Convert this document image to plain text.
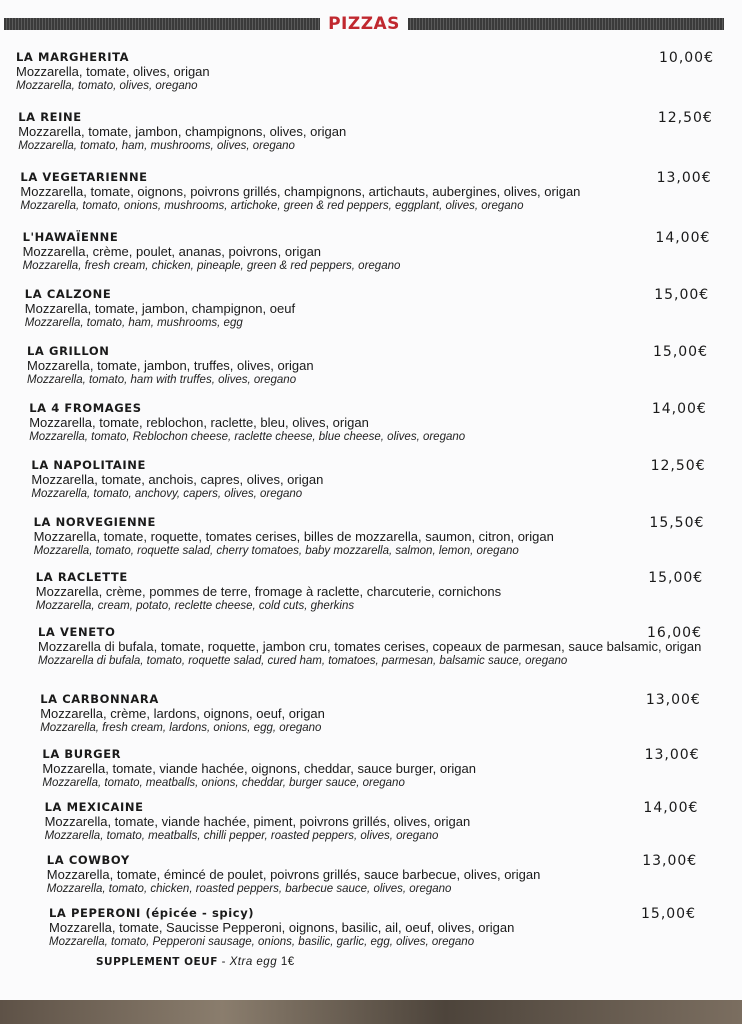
PIZZAS
LA MARGHERITA
Mozzarella, tomate, olives, origan
Mozzarella, tomato, olives, oregano
10,00€
LA REINE
Mozzarella, tomate, jambon, champignons, olives, origan
Mozzarella, tomato, ham, mushrooms, olives, oregano
12,50€
LA VEGETARIENNE
Mozzarella, tomate, oignons, poivrons grillés, champignons, artichauts, aubergines, olives, origan
Mozzarella, tomato, onions, mushrooms, artichoke, green & red peppers, eggplant, olives, oregano
13,00€
L'HAWAÏENNE
Mozzarella, crème, poulet, ananas, poivrons, origan
Mozzarella, fresh cream, chicken, pineaple, green & red peppers, oregano
14,00€
LA CALZONE
Mozzarella, tomate, jambon, champignon, oeuf
Mozzarella, tomato, ham, mushrooms, egg
15,00€
LA GRILLON
Mozzarella, tomate, jambon, truffes, olives, origan
Mozzarella, tomato, ham with truffes, olives, oregano
15,00€
LA 4 FROMAGES
Mozzarella, tomate, reblochon, raclette, bleu, olives, origan
Mozzarella, tomato, Reblochon cheese, raclette cheese, blue cheese, olives, oregano
14,00€
LA NAPOLITAINE
Mozzarella, tomate, anchois, capres, olives, origan
Mozzarella, tomato, anchovy, capers, olives, oregano
12,50€
LA NORVEGIENNE
Mozzarella, tomate, roquette, tomates cerises, billes de mozzarella, saumon, citron, origan
Mozzarella, tomato, roquette salad, cherry tomatoes, baby mozzarella, salmon, lemon, oregano
15,50€
LA RACLETTE
Mozzarella, crème, pommes de terre, fromage à raclette, charcuterie, cornichons
Mozzarella, cream, potato, reclette cheese, cold cuts, gherkins
15,00€
LA VENETO
Mozzarella di bufala, tomate, roquette, jambon cru, tomates cerises, copeaux de parmesan, sauce balsamic, origan
Mozzarella di bufala, tomato, roquette salad, cured ham, tomatoes, parmesan, balsamic sauce, oregano
16,00€
LA CARBONNARA
Mozzarella, crème, lardons, oignons, oeuf, origan
Mozzarella, fresh cream, lardons, onions, egg, oregano
13,00€
LA BURGER
Mozzarella, tomate, viande hachée, oignons, cheddar, sauce burger, origan
Mozzarella, tomato, meatballs, onions, cheddar, burger sauce, oregano
13,00€
LA MEXICAINE
Mozzarella, tomate, viande hachée, piment, poivrons grillés, olives, origan
Mozzarella, tomato, meatballs, chilli pepper, roasted peppers, olives, oregano
14,00€
LA COWBOY
Mozzarella, tomate, émincé de poulet, poivrons grillés, sauce barbecue, olives, origan
Mozzarella, tomato, chicken, roasted peppers, barbecue sauce, olives, oregano
13,00€
LA PEPERONI (épicée - spicy)
Mozzarella, tomate, Saucisse Pepperoni, oignons, basilic, ail, oeuf, olives, origan
Mozzarella, tomato, Pepperoni sausage, onions, basilic, garlic, egg, olives, oregano
15,00€
SUPPLEMENT OEUF - Xtra egg 1€
